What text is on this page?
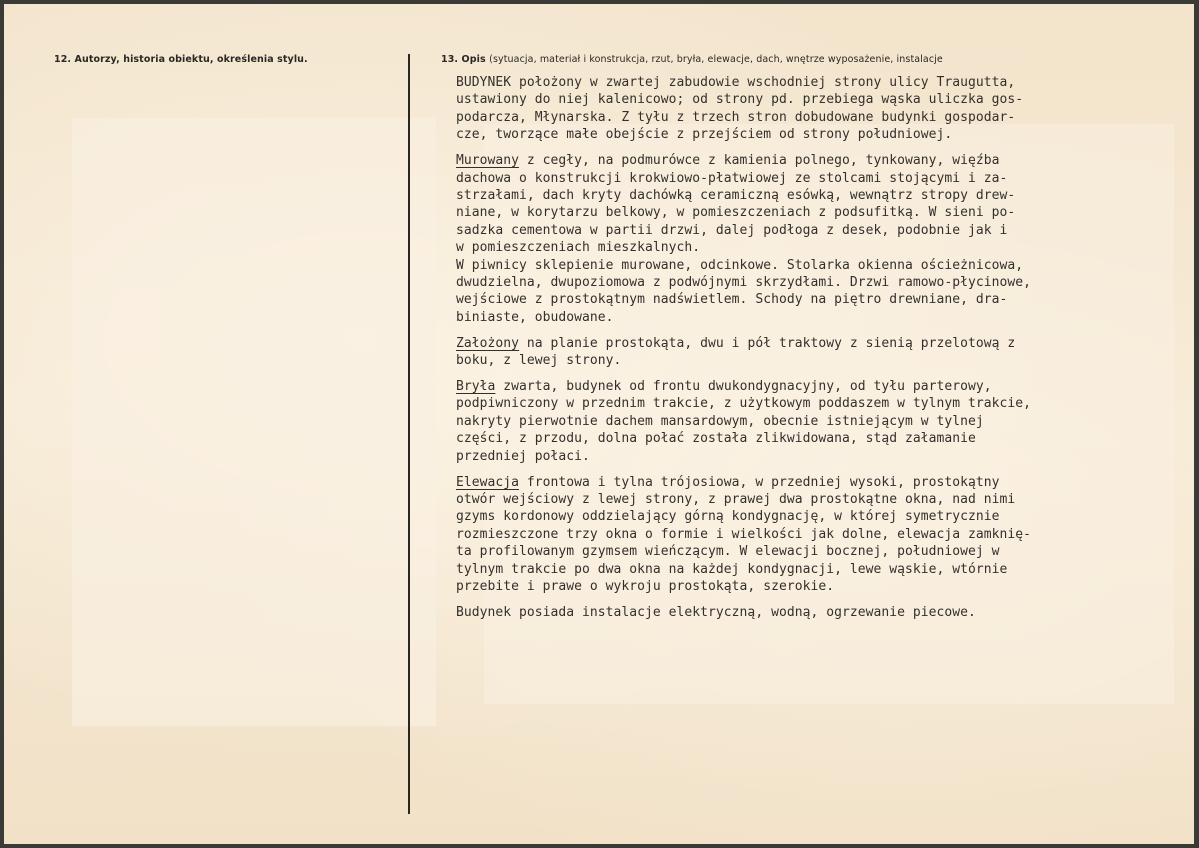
12. Autorzy, historia obiektu, określenia stylu.	13. Opis (sytuacja, materiał i konstrukcja, rzut, bryła, elewacje, dach, wnętrze wyposażenie, instalacje
BUDYNEK położony w zwartej zabudowie wschodniej strony ulicy Traugutta,
ustawiony do niej kalenicowo; od strony pd. przebiega wąska uliczka gos-
podarcza, Młynarska. Z tyłu z trzech stron dobudowane budynki gospodar-
cze, tworzące małe obejście z przejściem od strony południowej.
Murowany z cegły, na podmurówce z kamienia polnego, tynkowany, więźba
dachowa o konstrukcji krokwiowo-płatwiowej ze stolcami stojącymi i za-
strzałami, dach kryty dachówką ceramiczną esówką, wewnątrz stropy drew-
niane, w korytarzu belkowy, w pomieszczeniach z podsufitką. W sieni po-
sadzka cementowa w partii drzwi, dalej podłoga z desek, podobnie jak i
w pomieszczeniach mieszkalnych.
W piwnicy sklepienie murowane, odcinkowe. Stolarka okienna ościeżnicowa,
dwudzielna, dwupoziomowa z podwójnymi skrzydłami. Drzwi ramowo-płycinowe,
wejściowe z prostokątnym nadświetlem. Schody na piętro drewniane, dra-
biniaste, obudowane.
Założony na planie prostokąta, dwu i pół traktowy z sienią przelotową z
boku, z lewej strony.
Bryła zwarta, budynek od frontu dwukondygnacyjny, od tyłu parterowy,
podpiwniczony w przednim trakcie, z użytkowym poddaszem w tylnym trakcie,
nakryty pierwotnie dachem mansardowym, obecnie istniejącym w tylnej
części, z przodu, dolna połać została zlikwidowana, stąd załamanie
przedniej połaci.
Elewacja frontowa i tylna trójosiowa, w przedniej wysoki, prostokątny
otwór wejściowy z lewej strony, z prawej dwa prostokątne okna, nad nimi
gzyms kordonowy oddzielający górną kondygnację, w której symetrycznie
rozmieszczone trzy okna o formie i wielkości jak dolne, elewacja zamknię-
ta profilowanym gzymsem wieńczącym. W elewacji bocznej, południowej w
tylnym trakcie po dwa okna na każdej kondygnacji, lewe wąskie, wtórnie
przebite i prawe o wykroju prostokąta, szerokie.
Budynek posiada instalacje elektryczną, wodną, ogrzewanie piecowe.
